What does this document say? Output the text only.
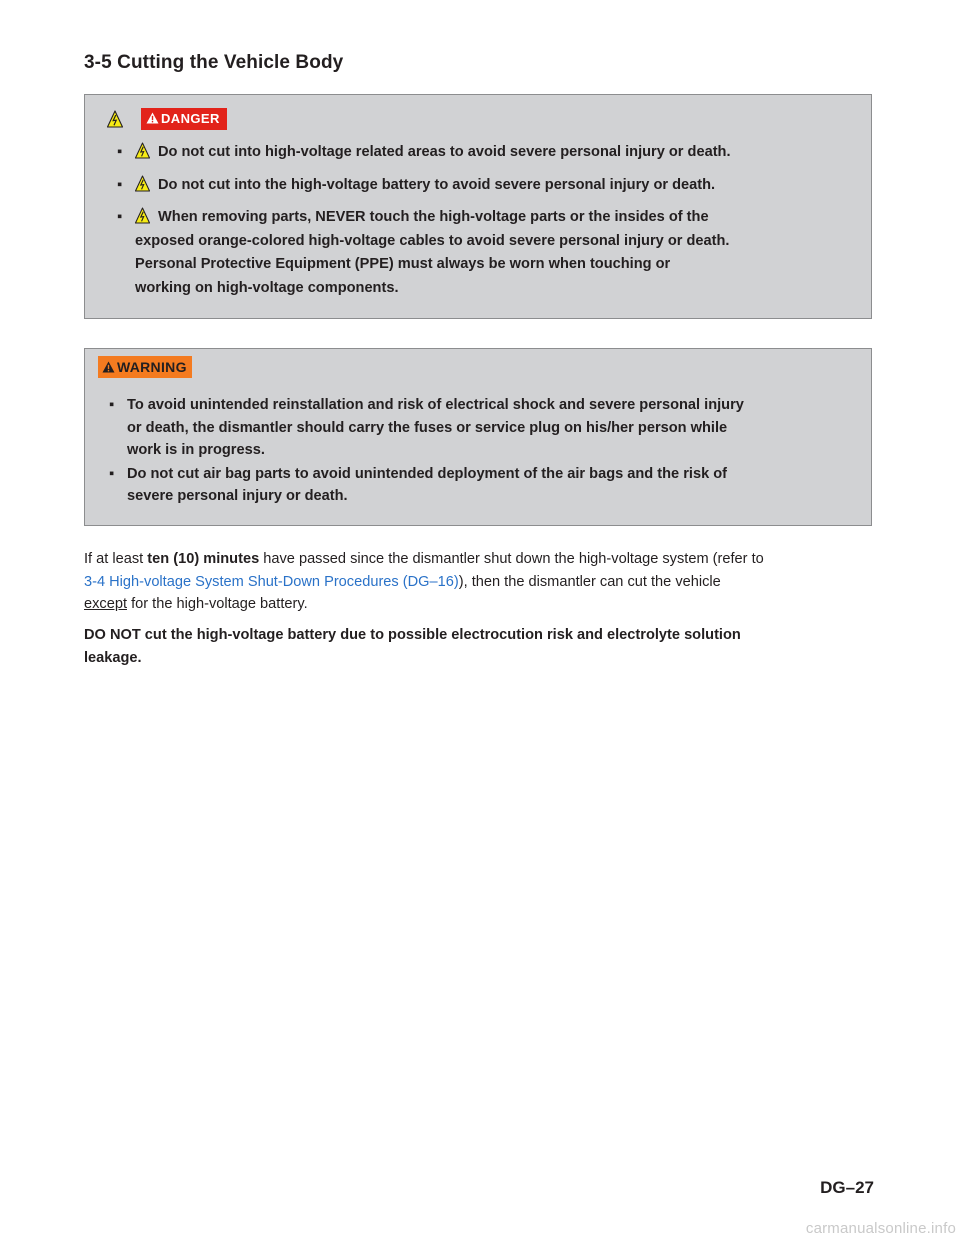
3-5 Cutting the Vehicle Body
DANGER
▪ Do not cut into high-voltage related areas to avoid severe personal injury or death.
▪ Do not cut into the high-voltage battery to avoid severe personal injury or death.
▪ When removing parts, NEVER touch the high-voltage parts or the insides of the
exposed orange-colored high-voltage cables to avoid severe personal injury or death.
Personal Protective Equipment (PPE) must always be worn when touching or
working on high-voltage components.
WARNING
▪ To avoid unintended reinstallation and risk of electrical shock and severe personal injury
or death, the dismantler should carry the fuses or service plug on his/her person while
work is in progress.
▪ Do not cut air bag parts to avoid unintended deployment of the air bags and the risk of
severe personal injury or death.

If at least ten (10) minutes have passed since the dismantler shut down the high-voltage system (refer to
3-4 High-voltage System Shut-Down Procedures (DG–16)), then the dismantler can cut the vehicle
except for the high-voltage battery.

DO NOT cut the high-voltage battery due to possible electrocution risk and electrolyte solution
leakage.

DG–27
carmanualsonline.info
